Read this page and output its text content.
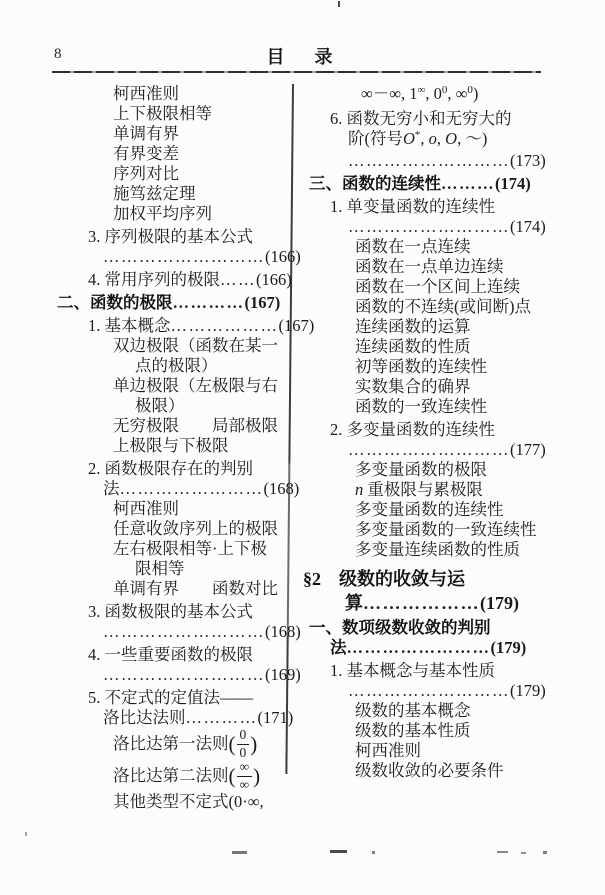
8	目　录
柯西准则
上下极限相等
单调有界
有界变差
序列对比
施笃兹定理
加权平均序列
3. 序列极限的基本公式
………………………(166)
4. 常用序列的极限……(166)
二、函数的极限…………(167)
1. 基本概念………………(167)
双边极限（函数在某一
点的极限）
单边极限（左极限与右
极限）
无穷极限　　局部极限
上极限与下极限
2. 函数极限存在的判别
法……………………(168)
柯西准则
任意收敛序列上的极限
左右极限相等·上下极
限相等
单调有界　　函数对比
3. 函数极限的基本公式
………………………(168)
4. 一些重要函数的极限
………………………(169)
5. 不定式的定值法——
洛比达法则…………(171)
洛比达第一法则 ( $\frac{0}{0}$ )
洛比达第二法则 ( $\frac{\infty}{\infty}$ )
其他类型不定式(0·∞,
∞－∞, 1∞, $0^0$, ∞$^0$)
6. 函数无穷小和无穷大的
阶(符号O*, o, O, ～)
………………………(173)
三、函数的连续性………(174)
1. 单变量函数的连续性
………………………(174)
函数在一点连续
函数在一点单边连续
函数在一个区间上连续
函数的不连续(或间断)点
连续函数的运算
连续函数的性质
初等函数的连续性
实数集合的确界
函数的一致连续性
2. 多变量函数的连续性
………………………(177)
多变量函数的极限
n 重极限与累极限
多变量函数的连续性
多变量函数的一致连续性
多变量连续函数的性质
§2　级数的收敛与运
算………………(179)
一、数项级数收敛的判别
法……………………(179)
1. 基本概念与基本性质
………………………(179)
级数的基本概念
级数的基本性质
柯西准则
级数收敛的必要条件
